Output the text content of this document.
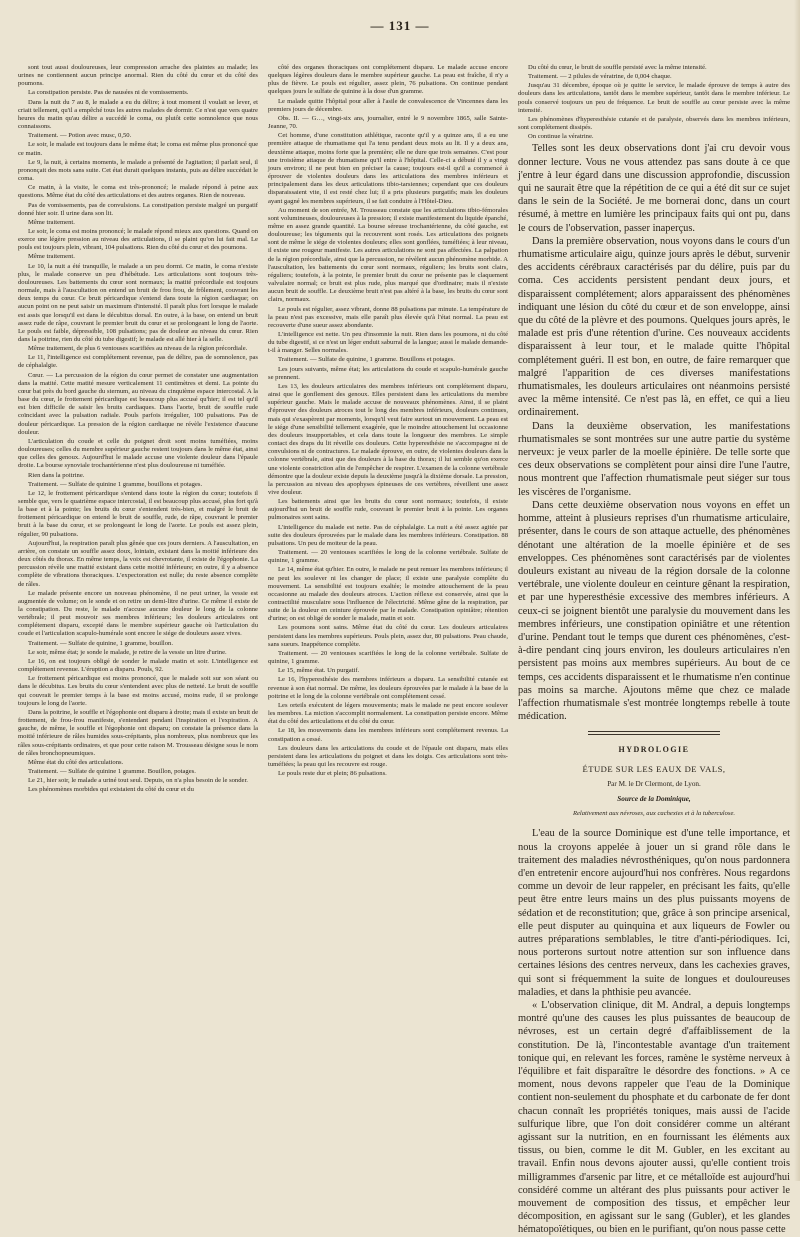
— 131 —

sont tout aussi douloureuses, leur compression arrache des plaintes au malade; les urines ne contiennent aucun principe anormal. Rien du côté du cœur et du côté des poumons.

La constipation persiste. Pas de nausées ni de vomissements.

Dans la nuit du 7 au 8, le malade a eu du délire; à tout moment il voulait se lever, et criait tellement, qu'il a empêché tous les autres malades de dormir. Ce n'est que vers quatre heures du matin qu'au délire a succédé le coma, ou plutôt cette somnolence que nous connaissons.

Traitement. — Potion avec musc, 0,50.

Le soir, le malade est toujours dans le même état; le coma est même plus prononcé que ce matin.

Le 9, la nuit, à certains moments, le malade a présenté de l'agitation; il parlait seul, il prononçait des mots sans suite. Cet état durait quelques instants, puis au délire succédait le coma.

Ce matin, à la visite, le coma est très-prononcé; le malade répond à peine aux questions. Même état du côté des articulations et des autres organes. Rien de nouveau.

Pas de vomissements, pas de convulsions. La constipation persiste malgré un purgatif donné hier soir. Il urine dans son lit.

Même traitement.

Le soir, le coma est moins prononcé; le malade répond mieux aux questions. Quand on exerce une légère pression au niveau des articulations, il se plaint qu'on lui fait mal. Le pouls est toujours plein, vibrant, 104 pulsations. Rien du côté du cœur et des poumons.

Même traitement.

Le 10, la nuit a été tranquille, le malade a un peu dormi. Ce matin, le coma n'existe plus, le malade conserve un peu d'hébétude. Les articulations sont toujours très-douloureuses. Les battements du cœur sont normaux; la matité précordiale est toujours normale, mais à l'auscultation on entend un bruit de frou frou, de frôlement, couvrant les deux temps du cœur. Ce bruit péricardique s'entend dans toute la région cardiaque; on aucun point on ne peut saisir un maximum d'intensité. Il paraît plus fort lorsque le malade est assis que lorsqu'il est dans le décubitus dorsal. En outre, à la base, on entend un bruit assez rude de râpe, couvrant le premier bruit du cœur et se prolongeant le long de l'aorte. Le pouls est faible, dépressible, 108 pulsations; pas de douleur au niveau du cœur. Rien dans la poitrine, rien du côté du tube digestif; le malade est allé hier à la selle.

Même traitement, de plus 6 ventouses scarifiées au niveau de la région précordiale.

Le 11, l'intelligence est complétement revenue, pas de délire, pas de somnolence, pas de céphalalgie.

Cœur. — La percussion de la région du cœur permet de constater une augmentation dans la matité. Cette matité mesure verticalement 11 centimètres et demi. La pointe du cœur bat près du bord gauche du sternum, au niveau du cinquième espace intercostal. A la base du cœur, le frottement péricardique est beaucoup plus accusé qu'hier; il est tel qu'il est bien difficile de saisir les bruits cardiaques. Dans l'aorte, bruit de souffle rude coïncidant avec la pulsation radiale. Pouls parfois irrégulier, 100 pulsations. Pas de douleur péricardique. La pression de la région cardiaque ne révèle l'existence d'aucune douleur.

L'articulation du coude et celle du poignet droit sont moins tuméfiées, moins douloureuses; celles du membre supérieur gauche restent toujours dans le même état, ainsi que celles des genoux. Aujourd'hui le malade accuse une violente douleur dans l'épaule droite. La bourse synoviale trochantérienne n'est plus douloureuse ni tuméfiée.

Rien dans la poitrine.

Traitement. — Sulfate de quinine 1 gramme, bouillons et potages.

Le 12, le frottement péricardique s'entend dans toute la région du cœur; toutefois il semble que, vers le quatrième espace intercostal, il est beaucoup plus accusé, plus fort qu'à la base et à la pointe; les bruits du cœur s'entendent très-bien, et malgré le bruit de frottement péricardique on entend le bruit de souffle, rude, de râpe, couvrant le premier bruit à la base du cœur, et se prolongeant le long de l'aorte. Le pouls est assez plein, régulier, 90 pulsations.

Aujourd'hui, la respiration paraît plus gênée que ces jours derniers. A l'auscultation, en arrière, on constate un souffle assez doux, lointain, existant dans la moitié inférieure des deux côtés du thorax. En même temps, la voix est chevrotante, il existe de l'égophonie. La percussion révèle une matité existant dans cette moitié inférieure; en outre, il y a absence complète de vibrations thoraciques. L'expectoration est nulle; du reste absence complète de râles.

Le malade présente encore un nouveau phénomène, il ne peut uriner, la vessie est augmentée de volume; on le sonde et on retire un demi-litre d'urine. Ce même il existe de la constipation. Du reste, le malade n'accuse aucune douleur le long de la colonne vertébrale; il peut mouvoir ses membres inférieurs; les douleurs articulaires ont complétement disparu, excepté dans le membre supérieur gauche où l'articulation du coude et l'articulation scapulo-humérale sont encore le siége de douleurs assez vives.

Traitement. — Sulfate de quinine, 1 gramme, bouillon.

Le soir, même état; je sonde le malade, je retire de la vessie un litre d'urine.

Le 16, on est toujours obligé de sonder le malade matin et soir. L'intelligence est complétement revenue. L'éruption a disparu. Pouls, 92.

Le frottement péricardique est moins prononcé, que le malade soit sur son séant ou dans le décubitus. Les bruits du cœur s'entendent avec plus de netteté. Le bruit de souffle qui couvrait le premier temps à la base est moins accusé, moins rude, il se prolonge toujours le long de l'aorte.

Dans la poitrine, le souffle et l'égophonie ont disparu à droite; mais il existe un bruit de frottement, de frou-frou manifeste, s'entendant pendant l'inspiration et l'expiration. A gauche, de même, le souffle et l'égophonie ont disparu; on constate la présence dans la moitié inférieure de râles humides sous-crépitants, plus nombreux, plus nombreux que les râles sous-crépitants ordinaires, et que pour cette raison M. Trousseau désigne sous le nom de râles bronchopneumiques.

Même état du côté des articulations.

Traitement. — Sulfate de quinine 1 gramme. Bouillon, potages.

Le 21, hier soir, le malade a uriné tout seul. Depuis, on n'a plus besoin de le sonder.

Les phénomènes morbides qui existaient du côté du cœur et du

côté des organes thoraciques ont complétement disparu. Le malade accuse encore quelques légères douleurs dans le membre supérieur gauche. La peau est fraîche, il n'y a plus de fièvre. Le pouls est régulier, assez plein, 76 pulsations. On continue pendant quelques jours le sulfate de quinine à la dose d'un gramme.

Le malade quitte l'hôpital pour aller à l'asile de convalescence de Vincennes dans les premiers jours de décembre.

Obs. II. — G…, vingt-six ans, journalier, entré le 9 novembre 1865, salle Sainte-Jeanne, 70.

Cet homme, d'une constitution athlétique, raconte qu'il y a quinze ans, il a eu une première attaque de rhumatisme qui l'a tenu pendant deux mois au lit. Il y a deux ans, deuxième attaque, moins forte que la première; elle ne dure que trois semaines. C'est pour une troisième attaque de rhumatisme qu'il entre à l'hôpital. Celle-ci a débuté il y a vingt jours environ; il ne peut bien en préciser la cause; toujours est-il qu'il a commencé à éprouver de violentes douleurs dans les articulations des membres inférieurs et principalement dans les deux articulations tibio-tarsiennes; cependant que ces douleurs disparaissaient vite, il est resté chez lui; il a pris plusieurs purgatifs; mais les douleurs ayant gagné les membres supérieurs, il se fait conduire à l'Hôtel-Dieu.

Au moment de son entrée, M. Trousseau constate que les articulations tibio-fémorales sont volumineuses, douloureuses à la pression; il existe manifestement du liquide épanché, même en assez grande quantité. La bourse séreuse trochantérienne, du côté gauche, est douloureuse; les téguments qui la recouvrent sont rosés. Les articulations des poignets sont de même le siége de violentes douleurs; elles sont gonflées, tuméfiées; à leur niveau, il existe une rougeur manifeste. Les autres articulations ne sont pas affectées. La palpation de la région précordiale, ainsi que la percussion, ne révèlent aucun phénomène morbide. A l'auscultation, les battements du cœur sont normaux, réguliers; les bruits sont clairs, réguliers; toutefois, à la pointe, le premier bruit du cœur ne présente pas le claquement valvulaire normal; ce bruit est plus rude, plus marqué que d'ordinaire; mais il n'existe aucun bruit de souffle. Le deuxième bruit n'est pas altéré à la base, les bruits du cœur sont clairs, normaux.

Le pouls est régulier, assez vibrant, donne 88 pulsations par minute. La température de la peau n'est pas excessive, mais elle paraît plus élevée qu'à l'état normal. La peau est recouverte d'une sueur assez abondante.

L'intelligence est nette. Un peu d'insomnie la nuit. Rien dans les poumons, ni du côté du tube digestif, si ce n'est un léger enduit saburral de la langue; aussi le malade demande-t-il à manger. Selles normales.

Traitement. — Sulfate de quinine, 1 gramme. Bouillons et potages.

Les jours suivants, même état; les articulations du coude et scapulo-humérale gauche se prennent.

Les 13, les douleurs articulaires des membres inférieurs ont complétement disparu, ainsi que le gonflement des genoux. Elles persistent dans les articulations du membre supérieur gauche. Mais le malade accuse de nouveaux phénomènes. Ainsi, il se plaint d'éprouver des douleurs atroces tout le long des membres inférieurs, douleurs continues, mais qui s'exaspèrent par moments, lorsqu'il veut faire surtout un mouvement. La peau est le siége d'une sensibilité tellement exagérée, que le moindre attouchement lui occasionne des douleurs insupportables, et cela dans toute la longueur des membres. Le simple contact des draps du lit réveille ces douleurs. Cette hyperesthésie ne s'accompagne ni de convulsions ni de contractures. Le malade éprouve, en outre, de violentes douleurs dans la colonne vertébrale, ainsi que des douleurs à la base du thorax; il lui semble qu'on exerce une violente constriction afin de l'empêcher de respirer. L'examen de la colonne vertébrale démontre que la douleur existe depuis la deuxième jusqu'à la dixième dorsale. La pression, la percussion au niveau des apophyses épineuses de ces vertèbres, réveillent une assez vive douleur.

Les battements ainsi que les bruits du cœur sont normaux; toutefois, il existe aujourd'hui un bruit de souffle rude, couvrant le premier bruit à la pointe. Les organes pulmonaires sont sains.

L'intelligence du malade est nette. Pas de céphalalgie. La nuit a été assez agitée par suite des douleurs éprouvées par le malade dans les membres inférieurs. Constipation. 88 pulsations. Un peu de moiteur de la peau.

Traitement. — 20 ventouses scarifiées le long de la colonne vertébrale. Sulfate de quinine, 1 gramme.

Le 14, même état qu'hier. En outre, le malade ne peut remuer les membres inférieurs; il ne peut les soulever ni les changer de place; il existe une paralysie complète du mouvement. La sensibilité est toujours exaltée; le moindre attouchement de la peau occasionne au malade des douleurs atroces. L'action réflexe est conservée, ainsi que la contractilité musculaire sous l'influence de l'électricité. Même gêne de la respiration, par suite de la douleur en ceinture éprouvée par le malade. Constipation opiniâtre; rétention d'urine; on est obligé de sonder le malade, matin et soir.

Les poumons sont sains. Même état du côté du cœur. Les douleurs articulaires persistent dans les membres supérieurs. Pouls plein, assez dur, 80 pulsations. Peau chaude, sans sueurs. Inappétence complète.

Traitement. — 20 ventouses scarifiées le long de la colonne vertébrale. Sulfate de quinine, 1 gramme.

Le 15, même état. Un purgatif.

Le 16, l'hyperesthésie des membres inférieurs a disparu. La sensibilité cutanée est revenue à son état normal. De même, les douleurs éprouvées par le malade à la base de la poitrine et le long de la colonne vertébrale ont complétement cessé.

Les orteils exécutent de légers mouvements; mais le malade ne peut encore soulever les membres. La miction s'accomplit normalement. La constipation persiste encore. Même état du côté des articulations et du côté du cœur.

Le 18, les mouvements dans les membres inférieurs sont complétement revenus. La constipation a cessé.

Les douleurs dans les articulations du coude et de l'épaule ont disparu, mais elles persistent dans les articulations du poignet et dans les doigts. Ces articulations sont très-tuméfiées; la peau qui les recouvre est rouge.

Le pouls reste dur et plein; 86 pulsations.

Du côté du cœur, le bruit de souffle persisté avec la même intensité.

Traitement. — 2 pilules de vératrine, de 0,004 chaque.

Jusqu'au 31 décembre, époque où je quitte le service, le malade éprouve de temps à autre des douleurs dans les articulations, tantôt dans le membre supérieur, tantôt dans le membre inférieur. Le pouls conservé toujours un peu de fréquence. Le bruit de souffle au cœur persiste avec la même intensité.

Les phénomènes d'hyperesthésie cutanée et de paralysie, observés dans les membres inférieurs, sont complétement dissipés.

On continue la vératrine.

Telles sont les deux observations dont j'ai cru devoir vous donner lecture. Vous ne vous attendez pas sans doute à ce que j'entre à leur égard dans une discussion approfondie, discussion qui ne saurait être que la répétition de ce qui a été dit sur ce sujet dans le sein de la Société. Je me bornerai donc, dans un court résumé, à mettre en lumière les principaux faits qui ont pu, dans le cours de l'observation, passer inaperçus.

Dans la première observation, nous voyons dans le cours d'un rhumatisme articulaire aigu, quinze jours après le début, survenir des accidents cérébraux caractérisés par du délire, puis par du coma. Ces accidents persistent pendant deux jours, et disparaissent complétement; alors apparaissent des phénomènes indiquant une lésion du côté du cœur et de son enveloppe, ainsi que du côté de la plèvre et des poumons. Quelques jours après, le malade est pris d'une rétention d'urine. Ces nouveaux accidents disparaissent à leur tour, et le malade quitte l'hôpital complétement guéri. Il est bon, en outre, de faire remarquer que malgré l'apparition de ces diverses manifestations rhumatismales, les douleurs articulaires ont néanmoins persisté avec la même intensité. Ce n'est pas là, en effet, ce qui a lieu ordinairement.

Dans la deuxième observation, les manifestations rhumatismales se sont montrées sur une autre partie du système nerveux: je veux parler de la moelle épinière. De telle sorte que ces deux observations se complètent pour ainsi dire l'une l'autre, nous montrent que l'affection rhumatismale peut siéger sur tous les viscères de l'organisme.

Dans cette deuxième observation nous voyons en effet un homme, atteint à plusieurs reprises d'un rhumatisme articulaire, présenter, dans le cours de son attaque actuelle, des phénomènes dénotant une altération de la moelle épinière et de ses enveloppes. Ces phénomènes sont caractérisés par de violentes douleurs existant au niveau de la région dorsale de la colonne vertébrale, une violente douleur en ceinture gênant la respiration, et par une hyperesthésie excessive des membres inférieurs. A ceux-ci se joignent bientôt une paralysie du mouvement dans les membres inférieurs, une constipation opiniâtre et une rétention d'urine. Pendant tout le temps que durent ces phénomènes, c'est-à-dire pendant cinq jours environ, les douleurs articulaires n'en persistent pas moins aux membres supérieurs. Au bout de ce temps, ces accidents disparaissent et le rhumatisme n'en continue pas moins sa marche. Ajoutons même que chez ce malade l'affection rhumatismale s'est montrée longtemps rebelle à toute médication.

HYDROLOGIE
ÉTUDE SUR LES EAUX DE VALS,
Par M. le Dr Clermont, de Lyon.
Source de la Dominique,
Relativement aux névroses, aux cachexies et à la tuberculose.

L'eau de la source Dominique est d'une telle importance, et nous la croyons appelée à jouer un si grand rôle dans le traitement des maladies névrosthéniques, qu'on nous pardonnera d'en entretenir encore aujourd'hui nos confrères. Nous regardons comme un devoir de leur rappeler, en précisant les faits, qu'elle peut être entre leurs mains un des plus puissants moyens de sédation et de reconstitution; que, grâce à son principe arsenical, elle peut disputer au quinquina et aux liqueurs de Fowler ou autres préparations semblables, le titre d'anti-périodiques. Ici, nous porterons surtout notre attention sur son influence dans certaines lésions des centres nerveux, dans les cachexies graves, qui sont si fréquemment la suite de longues et douloureuses maladies, et dans la phthisie peu avancée.

« L'observation clinique, dit M. Andral, a depuis longtemps montré qu'une des causes les plus puissantes de beaucoup de névroses, est un certain degré d'affaiblissement de la constitution. De là, l'incontestable avantage d'un traitement tonique qui, en relevant les forces, ramène le système nerveux à l'équilibre et fait disparaître le désordre des fonctions. » A ce moment, nous devons rappeler que l'eau de la Dominique contient non-seulement du phosphate et du carbonate de fer dont chacun connaît les propriétés toniques, mais aussi de l'acide sulfurique libre, que l'on doit considérer comme un altérant agissant sur la nutrition, en en fournissant les éléments aux tissus, ou bien, comme le dit M. Gubler, en les excitant au travail. Enfin nous devons ajouter aussi, qu'elle contient trois milligrammes d'arsenic par litre, et ce métalloïde est aujourd'hui considéré comme un altérant des plus puissants pour activer le mouvement de composition des tissus, et empêcher leur décomposition, en agissant sur le sang (Gubler), et les glandes hématopoïétiques, ou bien en le purifiant, qu'on nous passe cette
